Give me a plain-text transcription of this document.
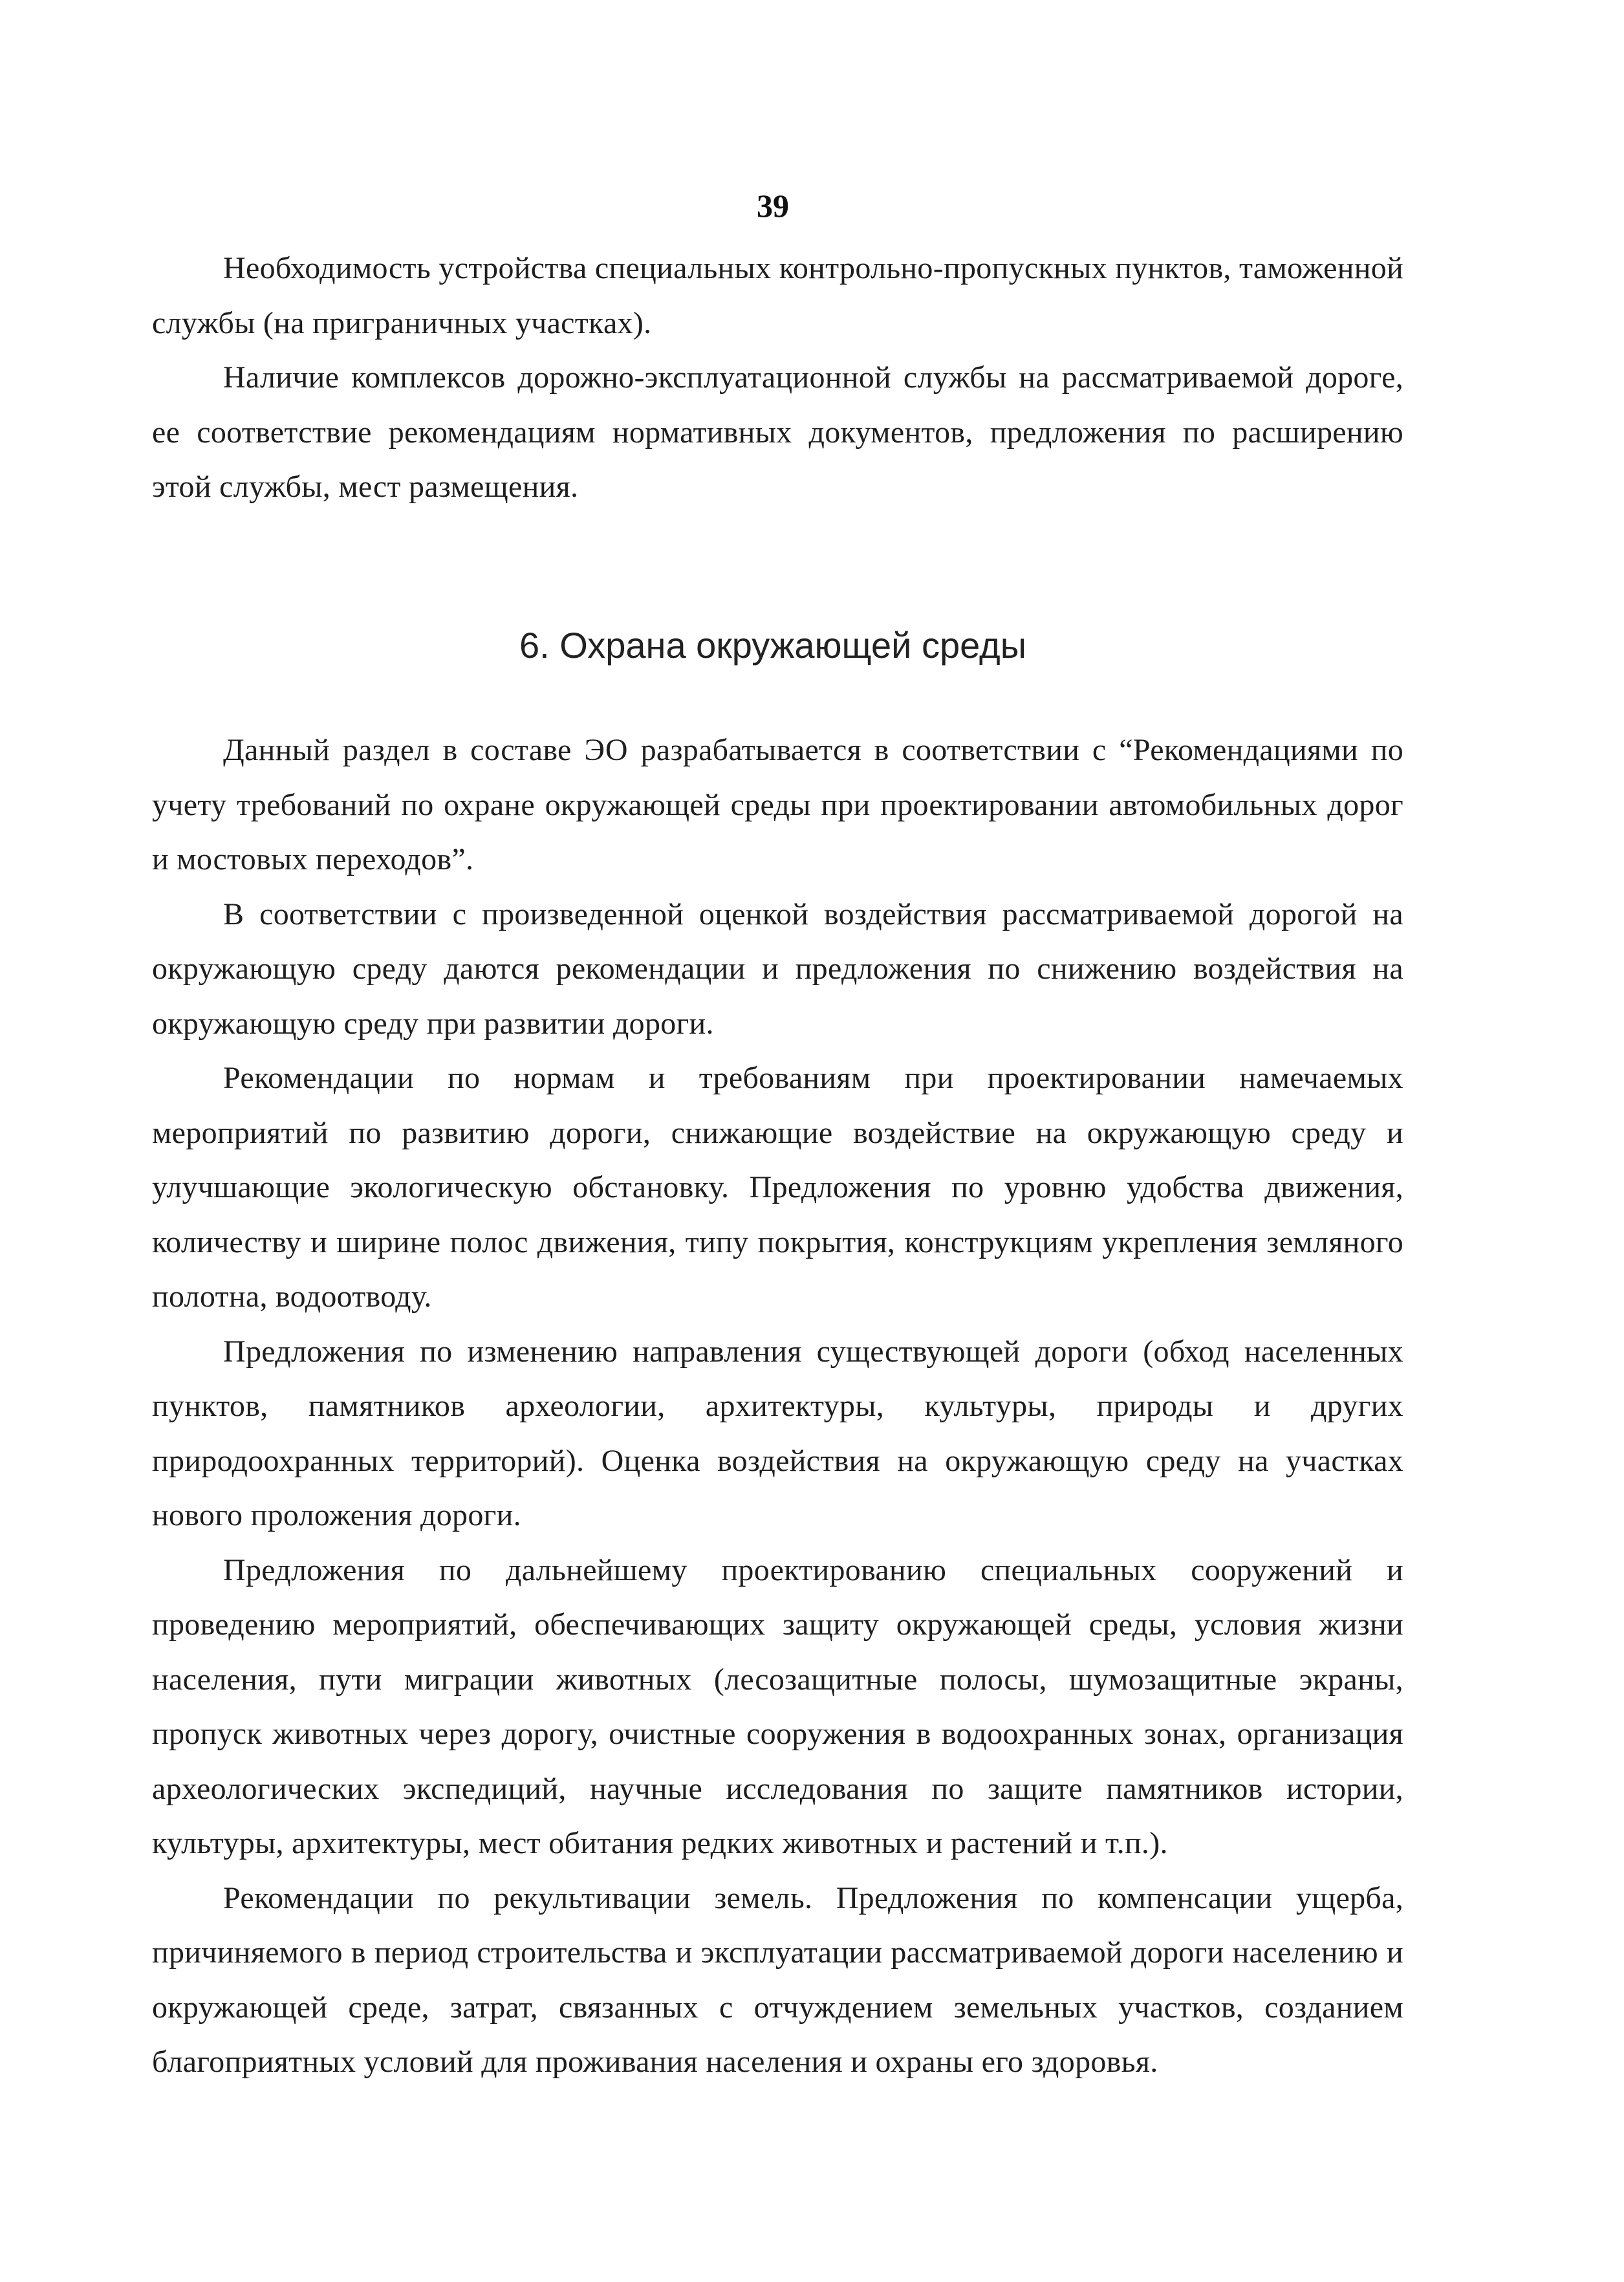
39

Необходимость устройства специальных контрольно-пропускных пунктов, таможенной службы (на приграничных участках).

Наличие комплексов дорожно-эксплуатационной службы на рассматриваемой дороге, ее соответствие рекомендациям нормативных документов, предложения по расширению этой службы, мест размещения.

6. Охрана окружающей среды

Данный раздел в составе ЭО разрабатывается в соответствии с “Рекомендациями по учету требований по охране окружающей среды при проектировании автомобильных дорог и мостовых переходов”.

В соответствии с произведенной оценкой воздействия рассматриваемой дорогой на окружающую среду даются рекомендации и предложения по снижению воздействия на окружающую среду при развитии дороги.

Рекомендации по нормам и требованиям при проектировании намечаемых мероприятий по развитию дороги, снижающие воздействие на окружающую среду и улучшающие экологическую обстановку. Предложения по уровню удобства движения, количеству и ширине полос движения, типу покрытия, конструкциям укрепления земляного полотна, водоотводу.

Предложения по изменению направления существующей дороги (обход населенных пунктов, памятников археологии, архитектуры, культуры, природы и других природоохранных территорий). Оценка воздействия на окружающую среду на участках нового проложения дороги.

Предложения по дальнейшему проектированию специальных сооружений и проведению мероприятий, обеспечивающих защиту окружающей среды, условия жизни населения, пути миграции животных (лесозащитные полосы, шумозащитные экраны, пропуск животных через дорогу, очистные сооружения в водоохранных зонах, организация археологических экспедиций, научные исследования по защите памятников истории, культуры, архитектуры, мест обитания редких животных и растений и т.п.).

Рекомендации по рекультивации земель. Предложения по компенсации ущерба, причиняемого в период строительства и эксплуатации рассматриваемой дороги населению и окружающей среде, затрат, связанных с отчуждением земельных участков, созданием благоприятных условий для проживания населения и охраны его здоровья.
